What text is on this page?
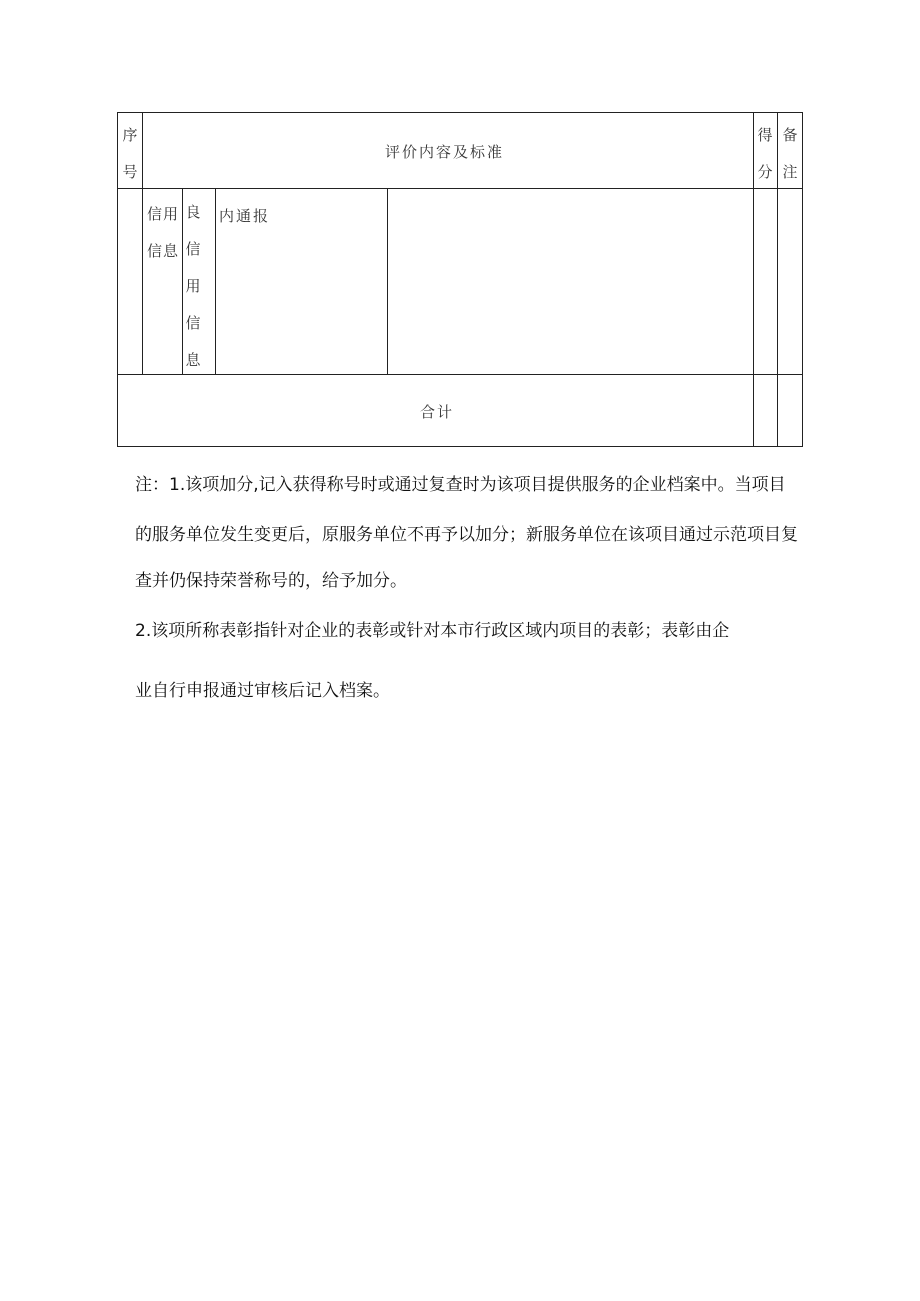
序
号
评价内容及标准
得
分
备
注
信用
信息
良
信
用
信
息
内通报
合计
注：1.该项加分,记入获得称号时或通过复查时为该项目提供服务的企业档案中。当项目
的服务单位发生变更后，原服务单位不再予以加分；新服务单位在该项目通过示范项目复
查并仍保持荣誉称号的，给予加分。
2.该项所称表彰指针对企业的表彰或针对本市行政区域内项目的表彰；表彰由企
业自行申报通过审核后记入档案。
